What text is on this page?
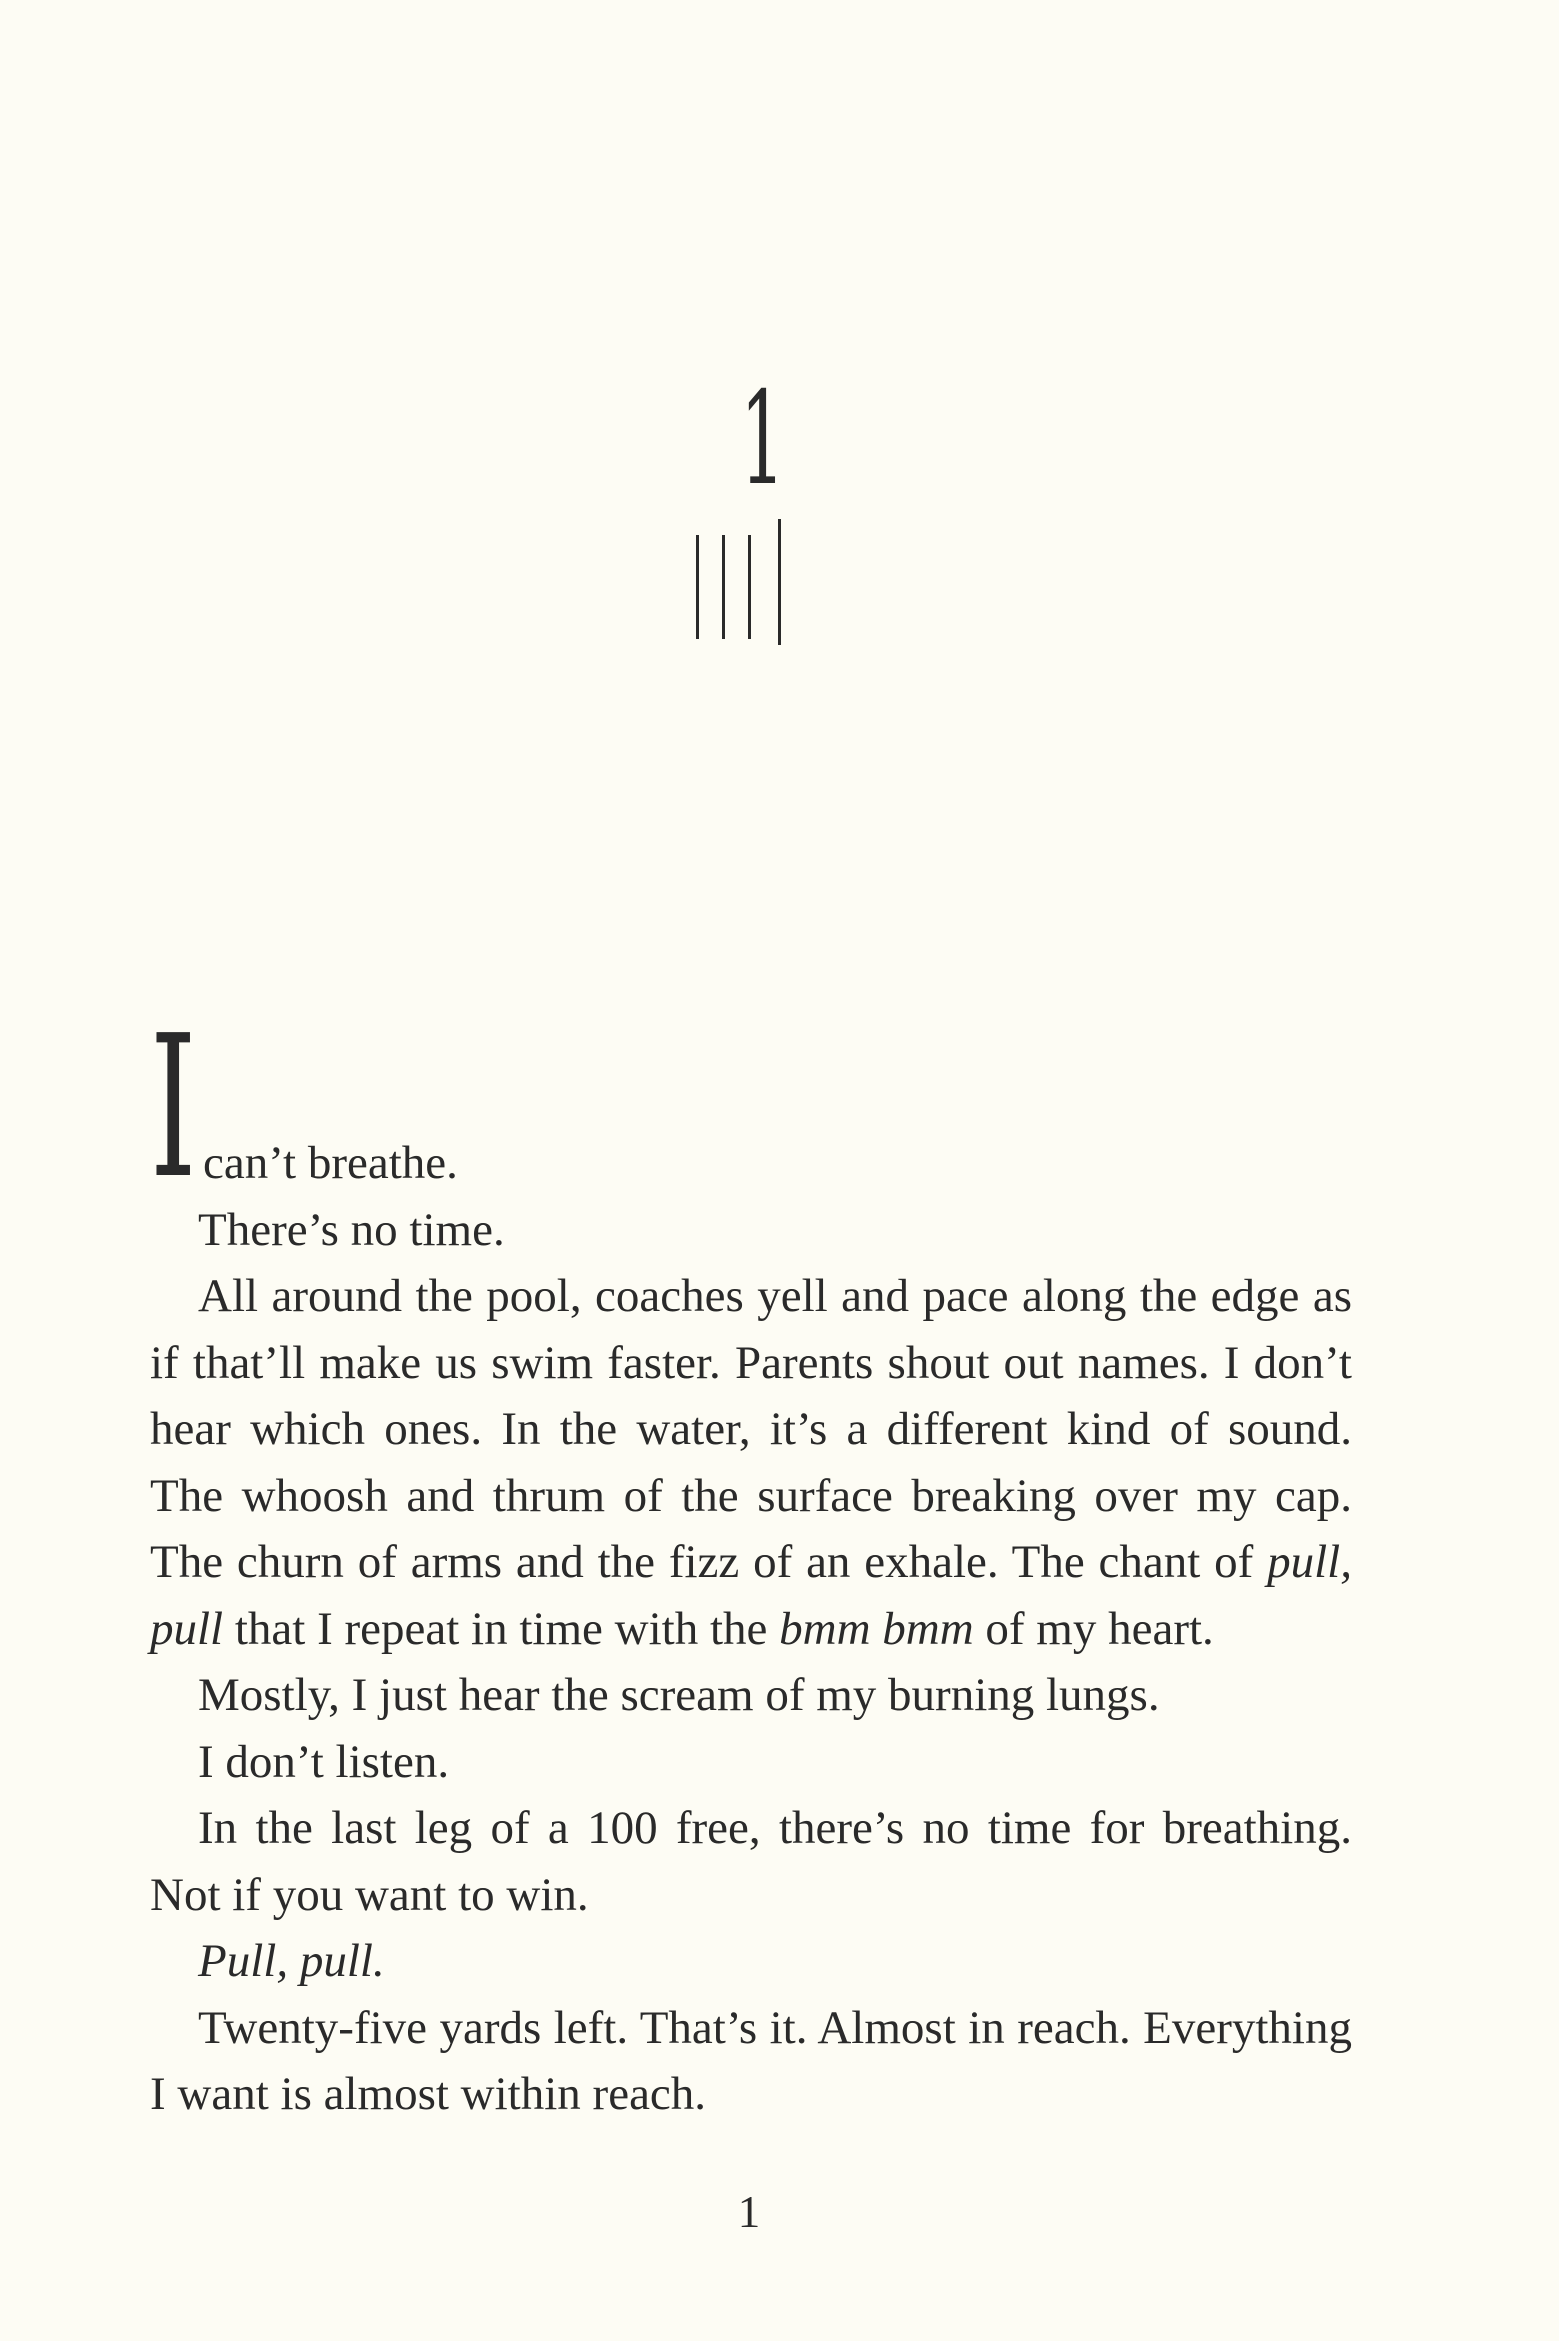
1
I can’t breathe.

There’s no time.

All around the pool, coaches yell and pace along the edge as if that’ll make us swim faster. Parents shout out names. I don’t hear which ones. In the water, it’s a different kind of sound. The whoosh and thrum of the surface breaking over my cap. The churn of arms and the fizz of an exhale. The chant of pull, pull that I repeat in time with the bmm bmm of my heart.

Mostly, I just hear the scream of my burning lungs.

I don’t listen.

In the last leg of a 100 free, there’s no time for breathing. Not if you want to win.

Pull, pull.

Twenty-five yards left. That’s it. Almost in reach. Everything I want is almost within reach.

1
